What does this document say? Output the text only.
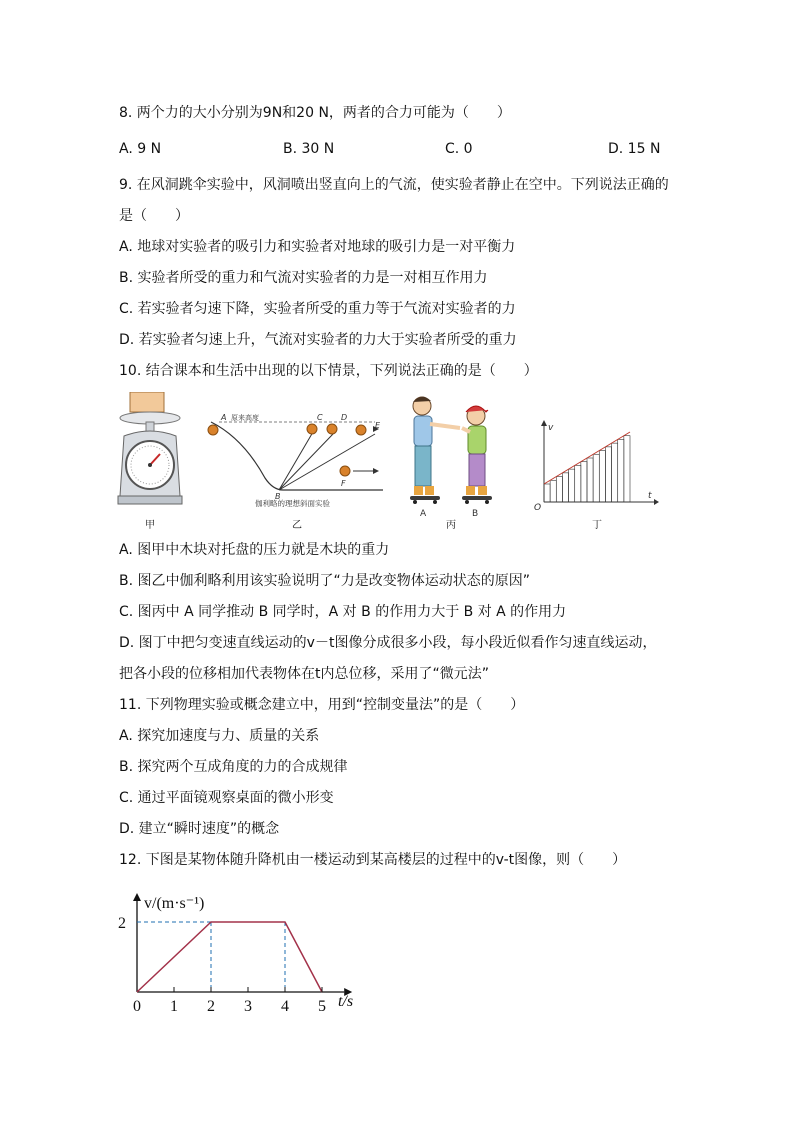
8. 两个力的大小分别为9N和20 N，两者的合力可能为（　　）
A. 9 N	B. 30 N	C. 0	D. 15 N
9. 在风洞跳伞实验中，风洞喷出竖直向上的气流，使实验者静止在空中。下列说法正确的
是（　　）
A. 地球对实验者的吸引力和实验者对地球的吸引力是一对平衡力
B. 实验者所受的重力和气流对实验者的力是一对相互作用力
C. 若实验者匀速下降，实验者所受的重力等于气流对实验者的力
D. 若实验者匀速上升，气流对实验者的力大于实验者所受的重力
10. 结合课本和生活中出现的以下情景，下列说法正确的是（　　）
甲
A 原来高度
B
C D
E
F
伽利略的理想斜面实验
乙
A	B
丙
v
t
O
丁
A. 图甲中木块对托盘的压力就是木块的重力
B. 图乙中伽利略利用该实验说明了“力是改变物体运动状态的原因”
C. 图丙中 A 同学推动 B 同学时，A 对 B 的作用力大于 B 对 A 的作用力
D. 图丁中把匀变速直线运动的v－t图像分成很多小段，每小段近似看作匀速直线运动，
把各小段的位移相加代表物体在t内总位移，采用了“微元法”
11. 下列物理实验或概念建立中，用到“控制变量法”的是（　　）
A. 探究加速度与力、质量的关系
B. 探究两个互成角度的力的合成规律
C. 通过平面镜观察桌面的微小形变
D. 建立“瞬时速度”的概念
12. 下图是某物体随升降机由一楼运动到某高楼层的过程中的v-t图像，则（　　）
0 1 2 3 4 5
2
v/(m·s⁻¹)
t/s
